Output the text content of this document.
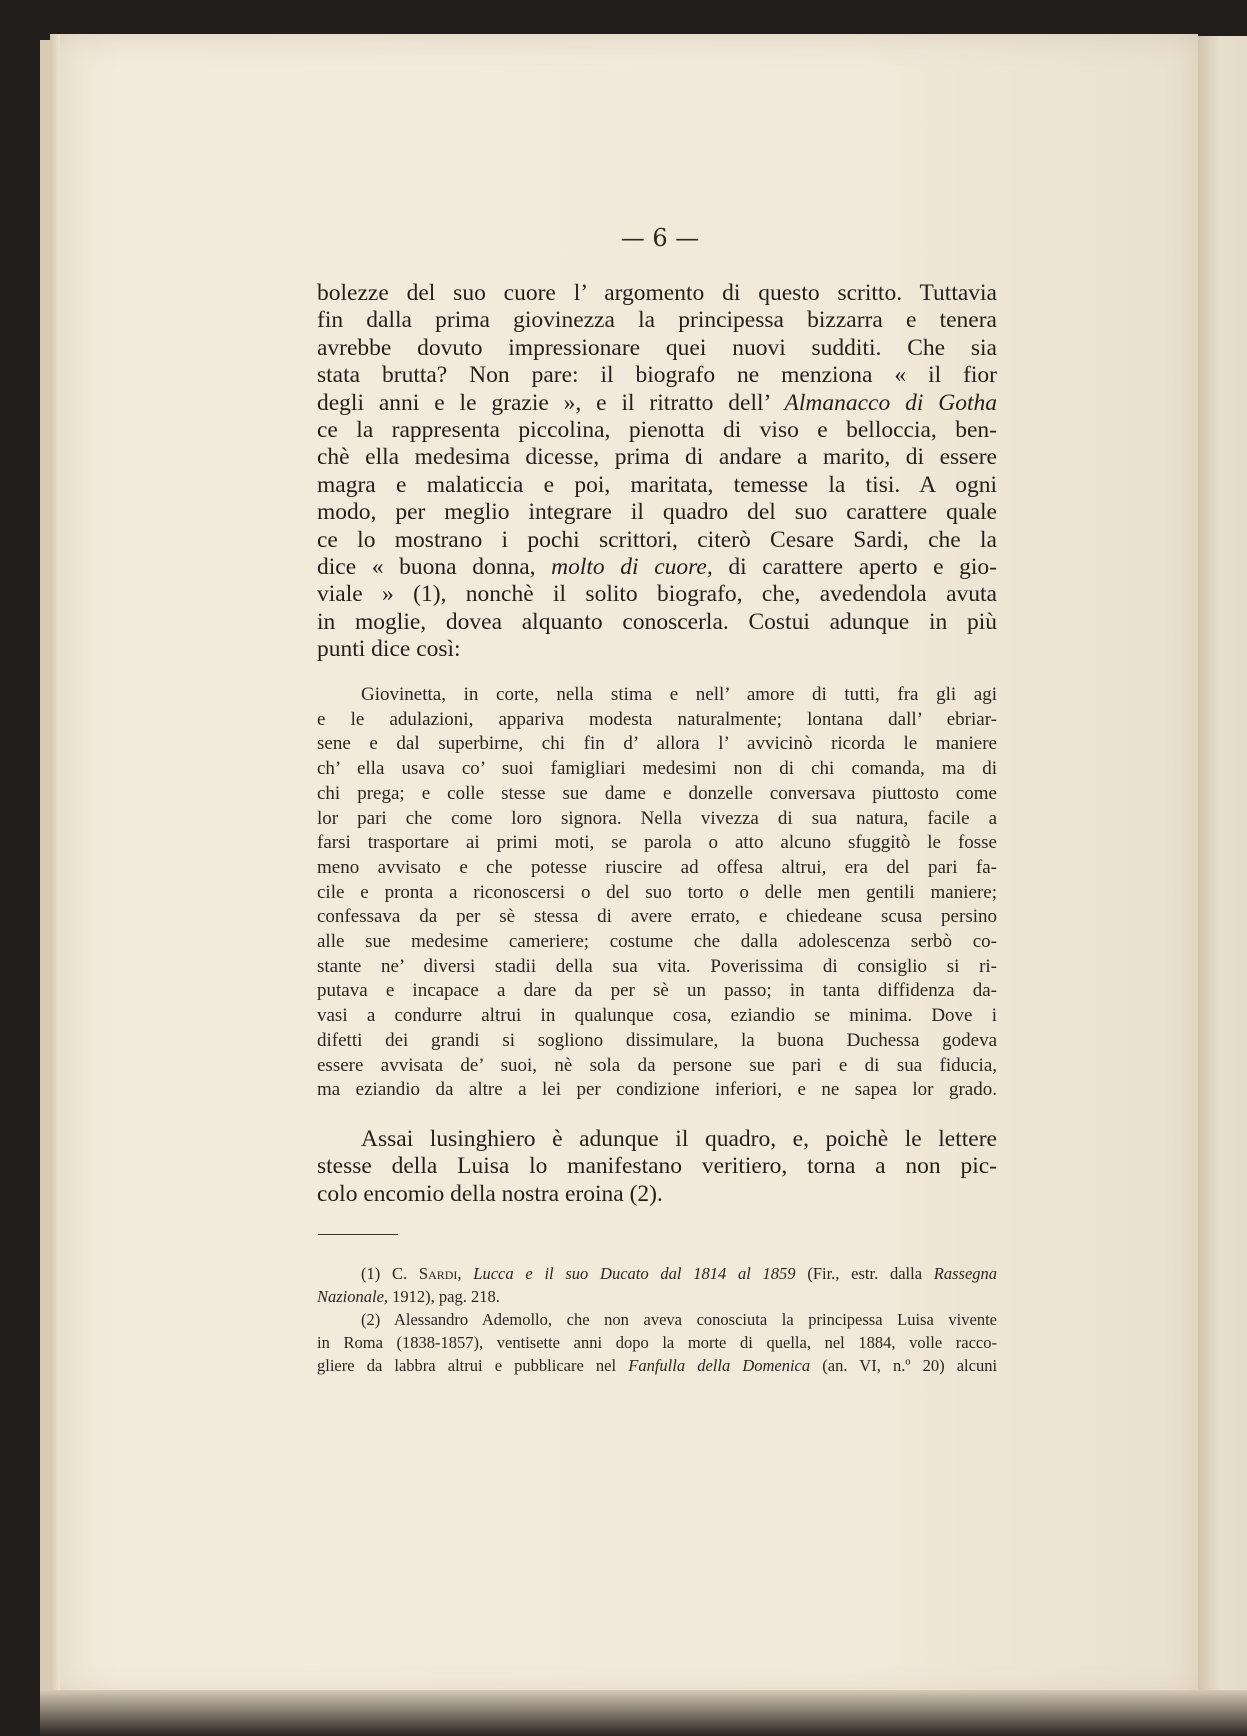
— 6 —
bolezze del suo cuore l’ argomento di questo scritto. Tuttavia
fin dalla prima giovinezza la principessa bizzarra e tenera
avrebbe dovuto impressionare quei nuovi sudditi. Che sia
stata brutta? Non pare: il biografo ne menziona « il fior
degli anni e le grazie », e il ritratto dell’ Almanacco di Gotha
ce la rappresenta piccolina, pienotta di viso e belloccia, ben-
chè ella medesima dicesse, prima di andare a marito, di essere
magra e malaticcia e poi, maritata, temesse la tisi. A ogni
modo, per meglio integrare il quadro del suo carattere quale
ce lo mostrano i pochi scrittori, citerò Cesare Sardi, che la
dice « buona donna, molto di cuore, di carattere aperto e gio-
viale » (1), nonchè il solito biografo, che, avedendola avuta
in moglie, dovea alquanto conoscerla. Costui adunque in più
punti dice così:
Giovinetta, in corte, nella stima e nell’ amore di tutti, fra gli agi
e le adulazioni, appariva modesta naturalmente; lontana dall’ ebriar-
sene e dal superbirne, chi fin d’ allora l’ avvicinò ricorda le maniere
ch’ ella usava co’ suoi famigliari medesimi non di chi comanda, ma di
chi prega; e colle stesse sue dame e donzelle conversava piuttosto come
lor pari che come loro signora. Nella vivezza di sua natura, facile a
farsi trasportare ai primi moti, se parola o atto alcuno sfuggitò le fosse
meno avvisato e che potesse riuscire ad offesa altrui, era del pari fa-
cile e pronta a riconoscersi o del suo torto o delle men gentili maniere;
confessava da per sè stessa di avere errato, e chiedeane scusa persino
alle sue medesime cameriere; costume che dalla adolescenza serbò co-
stante ne’ diversi stadii della sua vita. Poverissima di consiglio si ri-
putava e incapace a dare da per sè un passo; in tanta diffidenza da-
vasi a condurre altrui in qualunque cosa, eziandio se minima. Dove i
difetti dei grandi si sogliono dissimulare, la buona Duchessa godeva
essere avvisata de’ suoi, nè sola da persone sue pari e di sua fiducia,
ma eziandio da altre a lei per condizione inferiori, e ne sapea lor grado.
Assai lusinghiero è adunque il quadro, e, poichè le lettere
stesse della Luisa lo manifestano veritiero, torna a non pic-
colo encomio della nostra eroina (2).
(1) C. Sardi, Lucca e il suo Ducato dal 1814 al 1859 (Fir., estr. dalla Rassegna
Nazionale, 1912), pag. 218.
(2) Alessandro Ademollo, che non aveva conosciuta la principessa Luisa vivente
in Roma (1838-1857), ventisette anni dopo la morte di quella, nel 1884, volle racco-
gliere da labbra altrui e pubblicare nel Fanfulla della Domenica (an. VI, n.º 20) alcuni
